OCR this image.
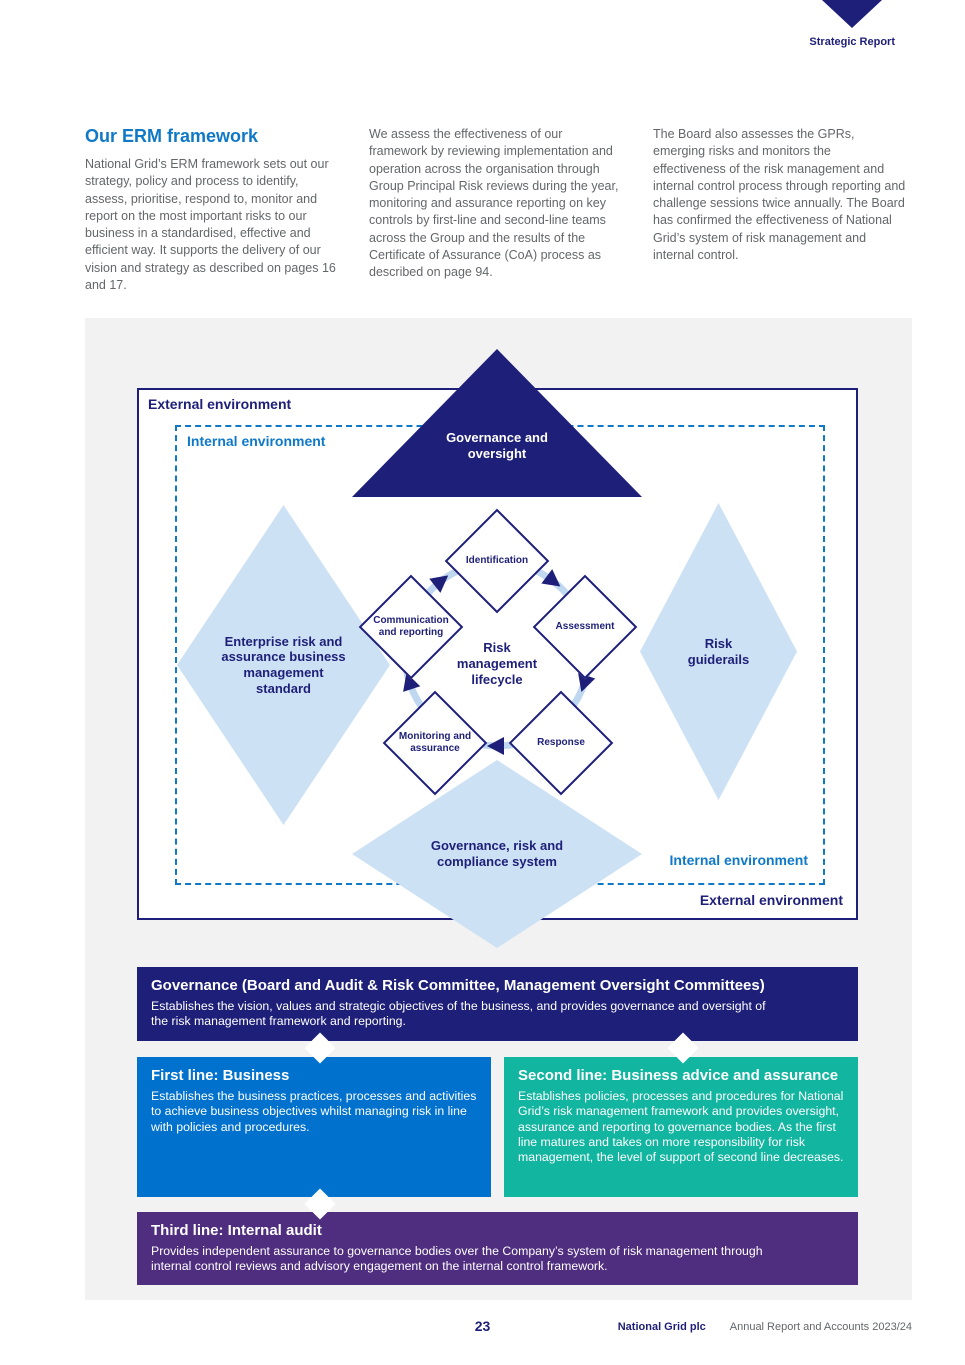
Strategic Report
Our ERM framework

National Grid’s ERM framework sets out our strategy, policy and process to identify, assess, prioritise, respond to, monitor and report on the most important risks to our business in a standardised, effective and efficient way. It supports the delivery of our vision and strategy as described on pages 16 and 17.

We assess the effectiveness of our framework by reviewing implementation and operation across the organisation through Group Principal Risk reviews during the year, monitoring and assurance reporting on key controls by first-line and second-line teams across the Group and the results of the Certificate of Assurance (CoA) process as described on page 94.

The Board also assesses the GPRs, emerging risks and monitors the effectiveness of the risk management and internal control process through reporting and challenge sessions twice annually. The Board has confirmed the effectiveness of National Grid’s system of risk management and internal control.

External environment
Internal environment
Internal environment
External environment
Governance and oversight
Enterprise risk and assurance business management standard
Risk guiderails
Governance, risk and compliance system
Identification
Assessment
Response
Monitoring and assurance
Communication and reporting
Risk management lifecycle
Governance (Board and Audit & Risk Committee, Management Oversight Committees)
Establishes the vision, values and strategic objectives of the business, and provides governance and oversight of the risk management framework and reporting.
First line: Business
Establishes the business practices, processes and activities to achieve business objectives whilst managing risk in line with policies and procedures.
Second line: Business advice and assurance
Establishes policies, processes and procedures for National Grid’s risk management framework and provides oversight, assurance and reporting to governance bodies. As the first line matures and takes on more responsibility for risk management, the level of support of second line decreases.
Third line: Internal audit
Provides independent assurance to governance bodies over the Company’s system of risk management through internal control reviews and advisory engagement on the internal control framework.
23	National Grid plc Annual Report and Accounts 2023/24
